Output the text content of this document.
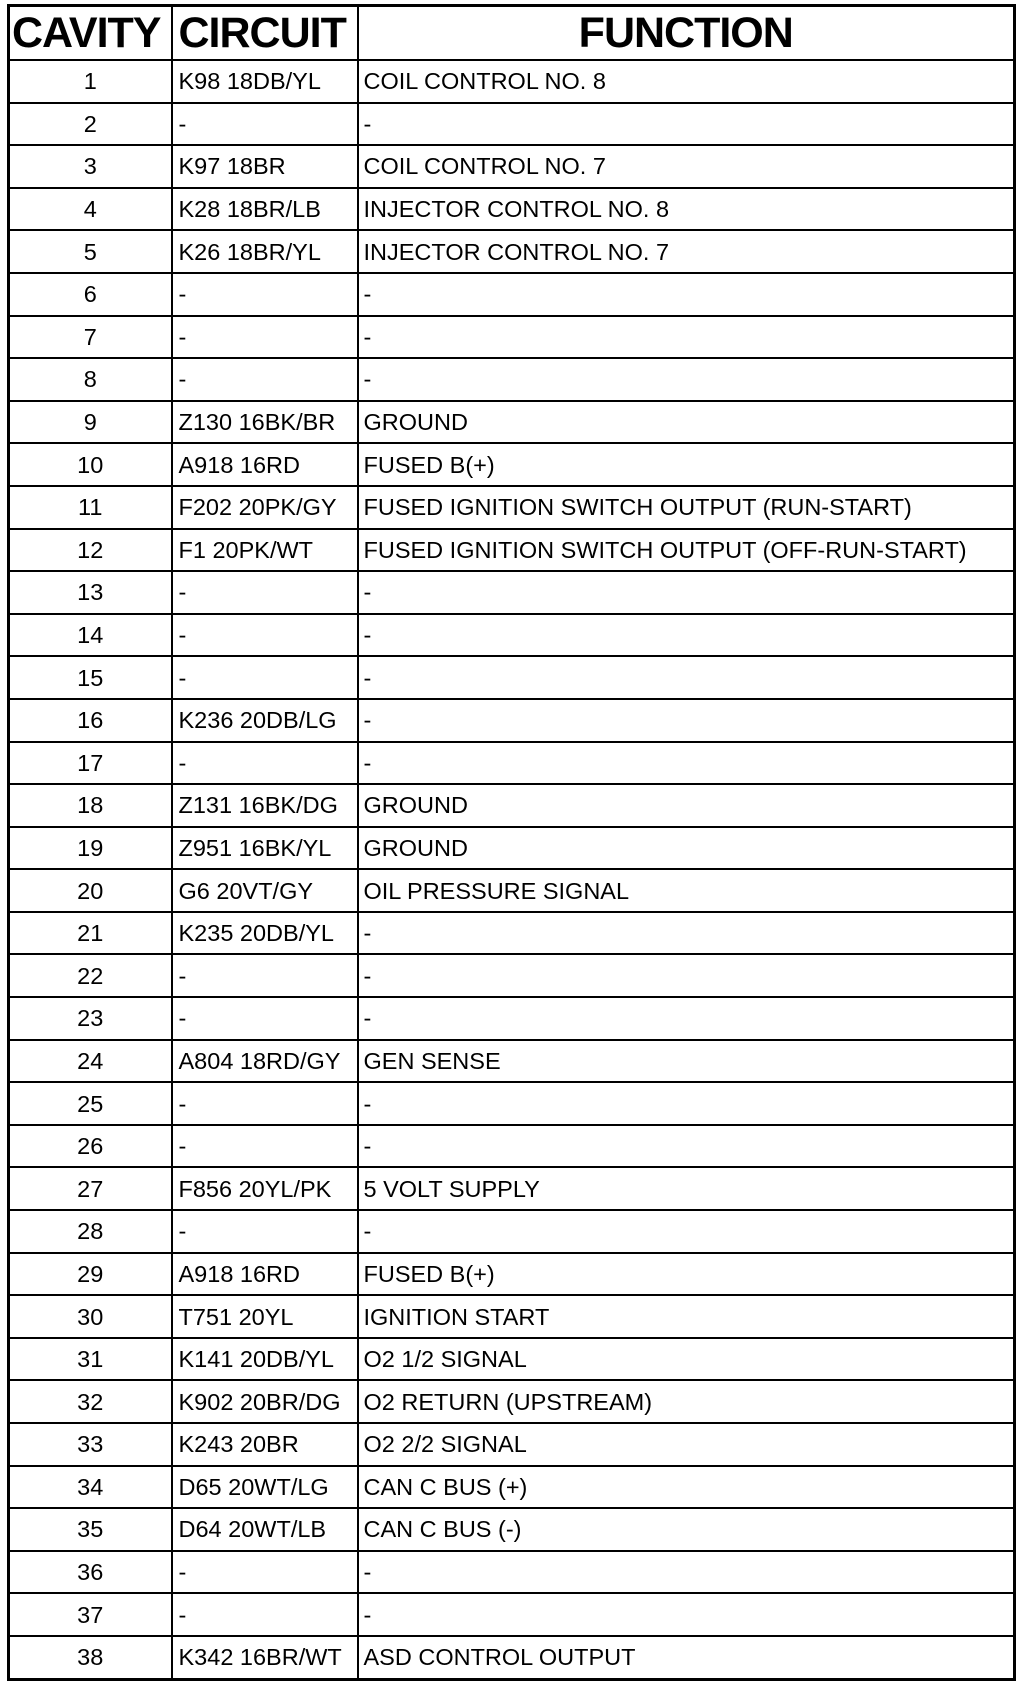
CAVITY	CIRCUIT	FUNCTION
1	K98 18DB/YL	COIL CONTROL NO. 8
2	-	-
3	K97 18BR	COIL CONTROL NO. 7
4	K28 18BR/LB	INJECTOR CONTROL NO. 8
5	K26 18BR/YL	INJECTOR CONTROL NO. 7
6	-	-
7	-	-
8	-	-
9	Z130 16BK/BR	GROUND
10	A918 16RD	FUSED B(+)
11	F202 20PK/GY	FUSED IGNITION SWITCH OUTPUT (RUN-START)
12	F1 20PK/WT	FUSED IGNITION SWITCH OUTPUT (OFF-RUN-START)
13	-	-
14	-	-
15	-	-
16	K236 20DB/LG	-
17	-	-
18	Z131 16BK/DG	GROUND
19	Z951 16BK/YL	GROUND
20	G6 20VT/GY	OIL PRESSURE SIGNAL
21	K235 20DB/YL	-
22	-	-
23	-	-
24	A804 18RD/GY	GEN SENSE
25	-	-
26	-	-
27	F856 20YL/PK	5 VOLT SUPPLY
28	-	-
29	A918 16RD	FUSED B(+)
30	T751 20YL	IGNITION START
31	K141 20DB/YL	O2 1/2 SIGNAL
32	K902 20BR/DG	O2 RETURN (UPSTREAM)
33	K243 20BR	O2 2/2 SIGNAL
34	D65 20WT/LG	CAN C BUS (+)
35	D64 20WT/LB	CAN C BUS (-)
36	-	-
37	-	-
38	K342 16BR/WT	ASD CONTROL OUTPUT
